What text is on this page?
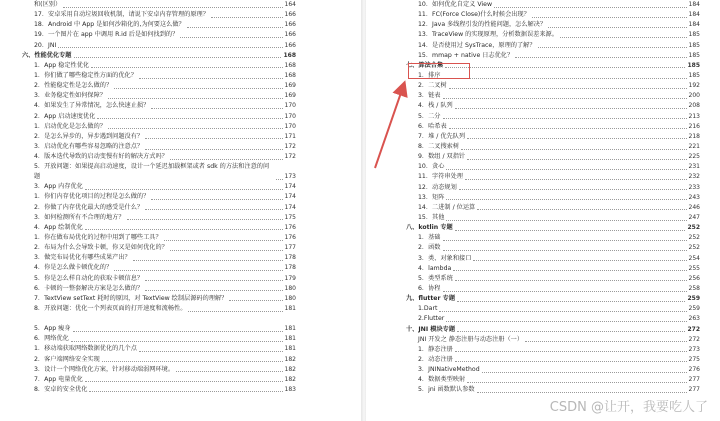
和(区别）	164
17．安卓采用自动垃圾回收机制，请说下安卓内存管理的原理？	166
18．Android 中 App 是如何沙箱化的,为何要这么做？	166
19．一个图片在 app 中调用 R.id 后是如何找到的？	166
20．JNI	166
六、性能优化专题	168
1．App 稳定性优化	168
1．你们做了哪些稳定性方面的优化？	168
2．性能稳定性是怎么做的？	169
3．业务稳定性如何保障？	169
4．如果发生了异常情况，怎么快速止损？	170
2．App 启动速度优化	170
1．启动优化是怎么做的？	170
2．是怎么异步的，异步遇到问题没有？	171
3．启动优化有哪些容易忽略的注意点？	172
4．版本迭代导致的启动变慢有好的解决方式吗？	172
5．开放问题：如果提高启动速度，设计一个延迟加载框架或者 sdk 的方法和注意的问题	173
3．App 内存优化	174
1．你们内存优化项目的过程是怎么做的？	174
2．你做了内存优化最大的感受是什么？	174
3．如何检测所有不合理的地方？	175
4．App 绘制优化	176
1．你在做布局优化的过程中用到了哪些工具？	176
2．布局为什么会导致卡顿，你又是如何优化的？	177
3．做完布局优化有哪些成果产出？	178
4．你是怎么做卡顿优化的？	178
5．你是怎么样自动化的获取卡顿信息？	179
6．卡顿的一整套解决方案是怎么做的？	180
7．TextView setText 耗时的原因，对 TextView 绘制层源码的理解？	180
8．开放问题：优化一个列表页面的打开速度和流畅性。	181
5．App 瘦身	181
6．网络优化	181
1．移动端获取网络数据优化的几个点	181
2．客户端网络安全实现	182
3．设计一个网络优化方案，针对移动端弱网环境。	182
7．App 电量优化	182
8．安卓的安全优化	183
10．如何优化自定义 View	184
11．FC(Force Close)什么时候会出现？	184
12．Java 多线程引发的性能问题，怎么解决？	184
13．TraceView 的实现原理，分析数据误差来源。	185
14．是否使用过 SysTrace，原理的了解？	185
15．mmap + native 日志优化？	185
七、算法合集	185
1．排序	185
2．二叉树	192
3．链表	200
4．栈 / 队列	208
5．二分	213
6．哈希表	216
7．堆 / 优先队列	218
8．二叉搜索树	221
9．数组 / 双指针	225
10．贪心	231
11．字符串处理	232
12．动态规划	233
13．矩阵	243
14．二进制 / 位运算	246
15．其他	247
八、kotlin 专题	252
1．基础	252
2．函数	252
3．类、对象和接口	254
4．lambda	255
5．类型系统	256
6．协程	258
九、flutter 专题	259
1.Dart	259
2.Flutter	263
十、JNI 模块专题	272
JNI 开发之 静态注册与动态注册（一）	272
1．静态注册	273
2．动态注册	275
3．JNINativeMethod	276
4．数据类型映射	277
5．jni 函数默认参数	277
CSDN @让开，我要吃人了
